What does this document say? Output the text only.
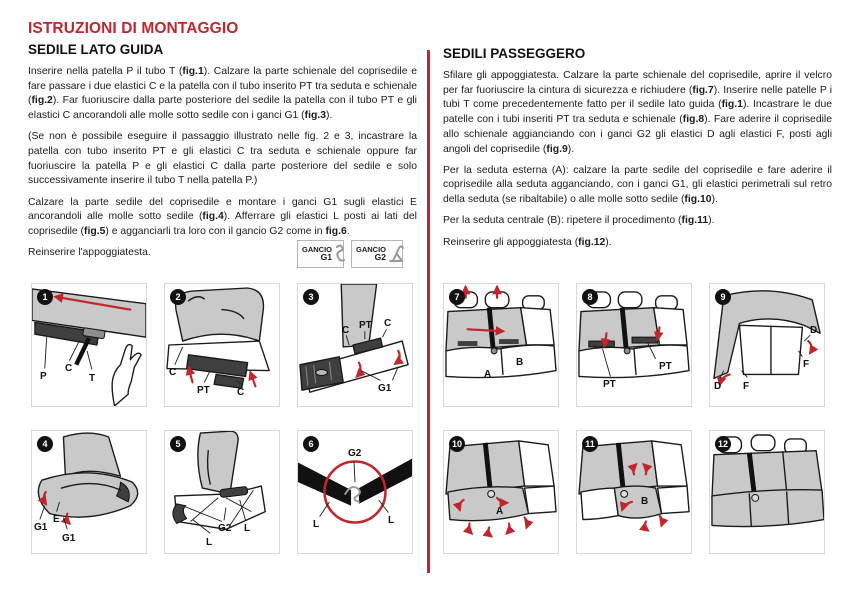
ISTRUZIONI DI MONTAGGIO
SEDILE LATO GUIDA

Inserire nella patella P il tubo T (fig.1). Calzare la parte schienale del coprisedile e fare passare i due elastici C e la patella con il tubo inserito PT tra seduta e schienale (fig.2). Far fuoriuscire dalla parte posteriore del sedile la patella con il tubo PT e gli elastici C ancorandoli alle molle sotto sedile con i ganci G1 (fig.3).

(Se non è possibile eseguire il passaggio illustrato nelle fig. 2 e 3, incastrare la patella con tubo inserito PT e gli elastici C tra seduta e schienale oppure far fuoriuscire la patella P e gli elastici C dalla parte posteriore del sedile e solo successivamente inserire il tubo T nella patella P.)

Calzare la parte sedile del coprisedile e montare i ganci G1 sugli elastici E ancorandoli alle molle sotto sedile (fig.4). Afferrare gli elastici L posti ai lati del coprisedile (fig.5) e agganciarli tra loro con il gancio G2 come in fig.6.

Reinserire l'appoggiatesta.	GANCIO
G1
GANCIO
G2
SEDILI PASSEGGERO

Sfilare gli appoggiatesta. Calzare la parte schienale del coprisedile, aprire il velcro per far fuoriuscire la cintura di sicurezza e richiudere (fig.7). Inserire nelle patelle P i tubi T come precedentemente fatto per il sedile lato guida (fig.1). Incastrare le due patelle con i tubi inseriti PT tra seduta e schienale (fig.8). Fare aderire il coprisedile allo schienale aggianciando con i ganci G2 gli elastici D agli elastici F, posti agli angoli del coprisedile (fig.9).

Per la seduta esterna (A): calzare la parte sedile del coprisedile e fare aderire il coprisedile alla seduta agganciando, con i ganci G1, gli elastici perimetrali sul retro della seduta (se ribaltabile) o alle molle sotto sedile (fig.10).

Per la seduta centrale (B): ripetere il procedimento (fig.11).

Reinserire gli appoggiatesta (fig.12).

1
P
C
T
2
C
PT	C
3
C PT C
G1
4
G1
E
G1
5
G2 L
L
6
G2
L	L
7
A
B
8
PT
PT
9
D F
D
F
10
A
11
B
12
